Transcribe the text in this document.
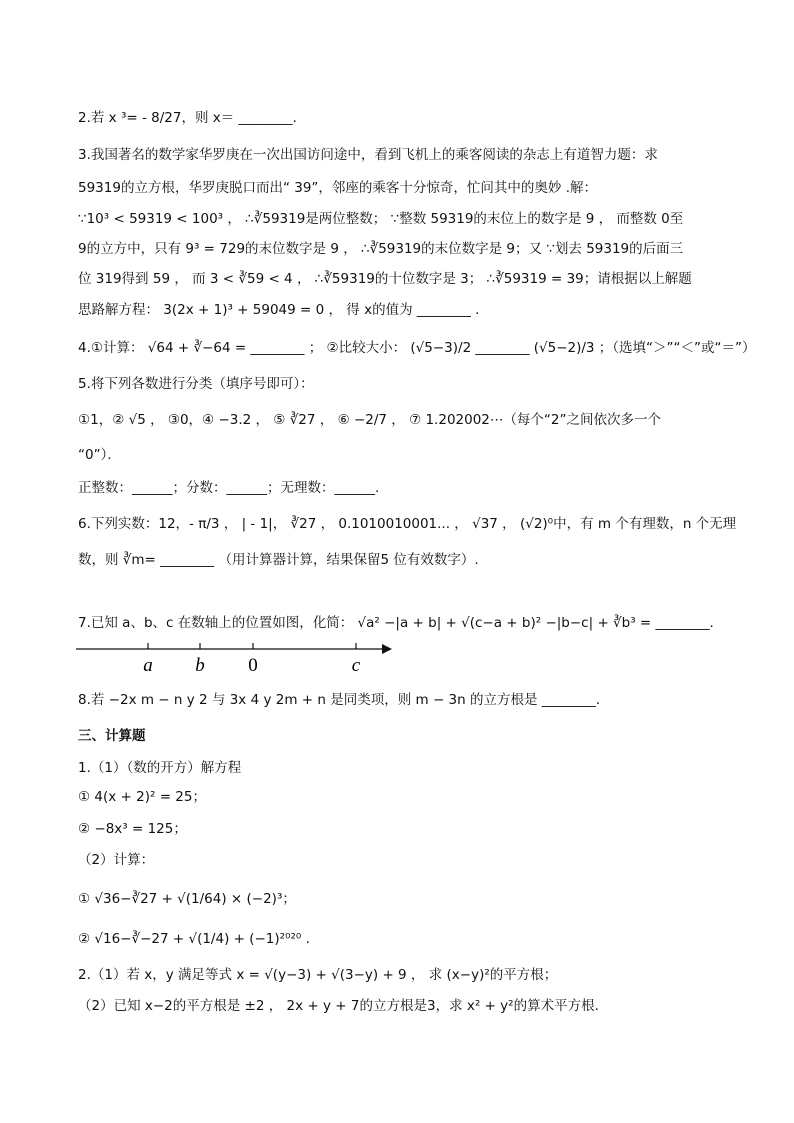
2.若 x ³= - 8/27，则 x＝ ________.
3.我国著名的数学家华罗庚在一次出国访问途中，看到飞机上的乘客阅读的杂志上有道智力题：求
59319的立方根，华罗庚脱口而出“ 39”，邻座的乘客十分惊奇，忙问其中的奥妙 .解：
∵10³ < 59319 < 100³ ， ∴∛59319是两位整数； ∵整数 59319的末位上的数字是 9 ， 而整数 0至
9的立方中，只有 9³ = 729的末位数字是 9 ， ∴∛59319的末位数字是 9；又 ∵划去 59319的后面三
位 319得到 59 ， 而 3 < ∛59 < 4 ， ∴∛59319的十位数字是 3； ∴∛59319 = 39；请根据以上解题
思路解方程： 3(2x + 1)³ + 59049 = 0 ， 得 x的值为 ________ .
4.①计算： √64 + ∛−64 = ________ ； ②比较大小： (√5−3)/2 ________ (√5−2)/3 ；（选填“＞”“＜”或“＝”）
5.将下列各数进行分类（填序号即可）：
①1，② √5 ， ③0，④ −3.2 ， ⑤ ∛27 ， ⑥ −2/7 ， ⑦ 1.202002⋯（每个“2”之间依次多一个
“0”）．
正整数：______；分数：______；无理数：______.
6.下列实数：12，- π/3 ， | - 1|， ∛27 ， 0.1010010001... ， √37 ， (√2)⁰中，有 m 个有理数，n 个无理
数，则 ∛m= ________ （用计算器计算，结果保留5 位有效数字）.
7.已知 a、b、c 在数轴上的位置如图，化简： √a² −|a + b| + √(c−a + b)² −|b−c| + ∛b³ = ________.
a b 0	c
8.若 −2x m − n y 2 与 3x 4 y 2m + n 是同类项，则 m − 3n 的立方根是 ________.
三、计算题
1.（1）（数的开方）解方程
① 4(x + 2)² = 25；
② −8x³ = 125；
（2）计算：
① √36−∛27 + √(1/64) × (−2)³；
② √16−∛−27 + √(1/4) + (−1)²⁰²⁰ .
2.（1）若 x，y 满足等式 x = √(y−3) + √(3−y) + 9 ， 求 (x−y)²的平方根；
（2）已知 x−2的平方根是 ±2 ， 2x + y + 7的立方根是3，求 x² + y²的算术平方根.
